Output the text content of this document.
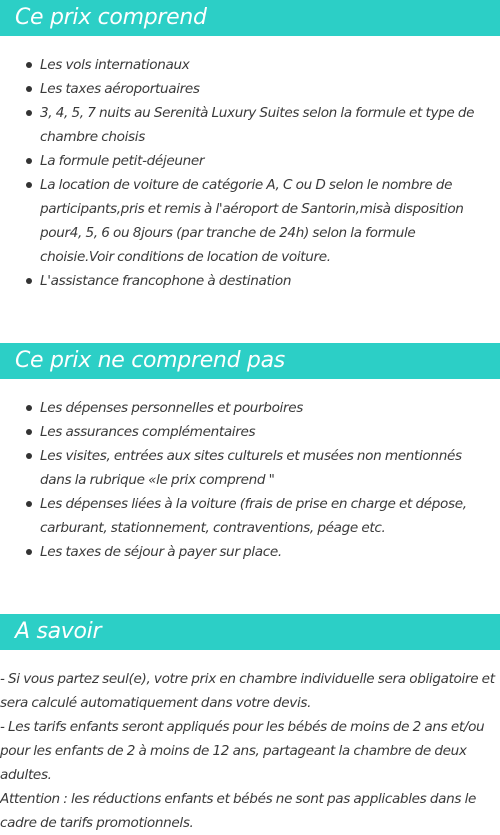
Ce prix comprend
Les vols internationaux
Les taxes aéroportuaires
3, 4, 5, 7 nuits au Serenità Luxury Suites selon la formule et type de chambre choisis
La formule petit-déjeuner
La location de voiture de catégorie A, C ou D selon le nombre de participants,pris et remis à l'aéroport de Santorin,misà disposition pour4, 5, 6 ou 8jours (par tranche de 24h) selon la formule choisie.Voir conditions de location de voiture.
L'assistance francophone à destination
Ce prix ne comprend pas
Les dépenses personnelles et pourboires
Les assurances complémentaires
Les visites, entrées aux sites culturels et musées non mentionnés dans la rubrique «le prix comprend "
Les dépenses liées à la voiture (frais de prise en charge et dépose, carburant, stationnement, contraventions, péage etc.
Les taxes de séjour à payer sur place.
A savoir

- Si vous partez seul(e), votre prix en chambre individuelle sera obligatoire et sera calculé automatiquement dans votre devis.

- Les tarifs enfants seront appliqués pour les bébés de moins de 2 ans et/ou pour les enfants de 2 à moins de 12 ans, partageant la chambre de deux adultes.

Attention : les réductions enfants et bébés ne sont pas applicables dans le cadre de tarifs promotionnels.
